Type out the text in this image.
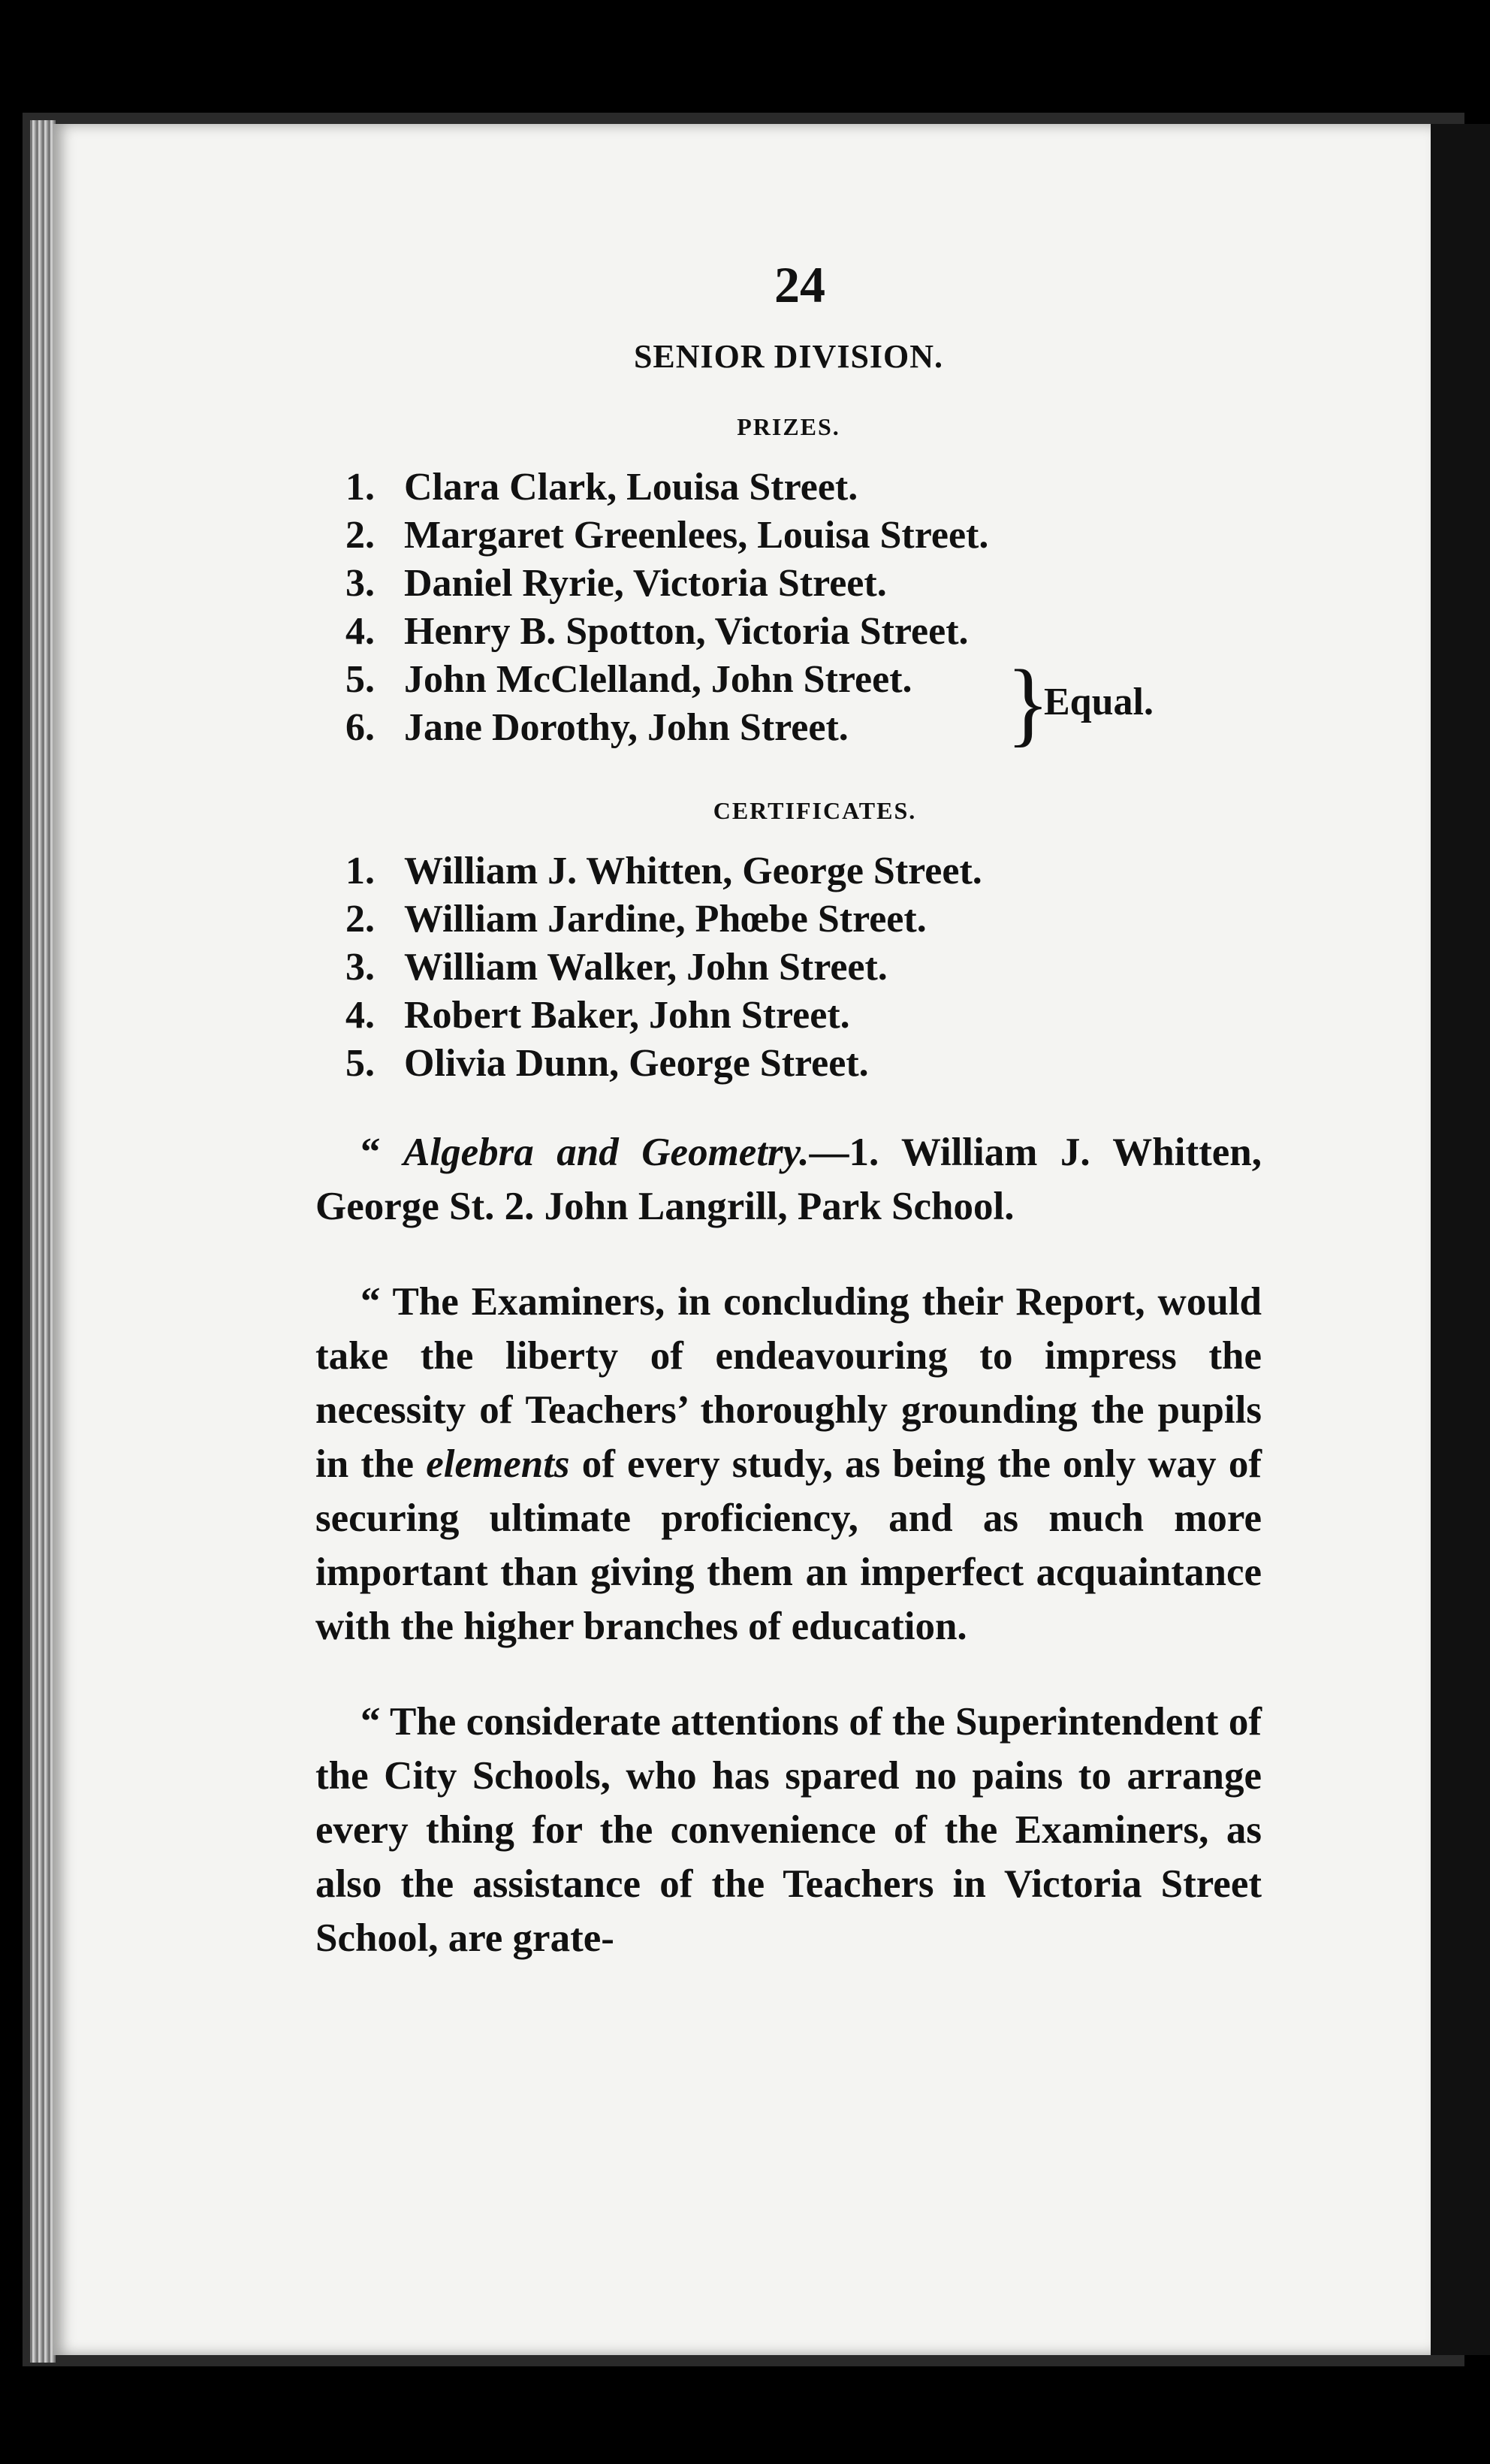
24
SENIOR DIVISION.
PRIZES.
1. Clara Clark, Louisa Street.
2. Margaret Greenlees, Louisa Street.
3. Daniel Ryrie, Victoria Street.
4. Henry B. Spotton, Victoria Street.
5. John McClelland, John Street.
6. Jane Dorothy, John Street.	}
Equal.
CERTIFICATES.
1. William J. Whitten, George Street.
2. William Jardine, Phœbe Street.
3. William Walker, John Street.
4. Robert Baker, John Street.
5. Olivia Dunn, George Street.

“ Algebra and Geometry.—1. William J. Whitten, George St. 2. John Langrill, Park School.

“ The Examiners, in concluding their Report, would take the liberty of endeavouring to impress the necessity of Teachers’ thoroughly grounding the pupils in the elements of every study, as being the only way of securing ultimate proficiency, and as much more important than giving them an imperfect acquaintance with the higher branches of education.

“ The considerate attentions of the Superintendent of the City Schools, who has spared no pains to arrange every thing for the convenience of the Examiners, as also the assistance of the Teachers in Victoria Street School, are grate-
